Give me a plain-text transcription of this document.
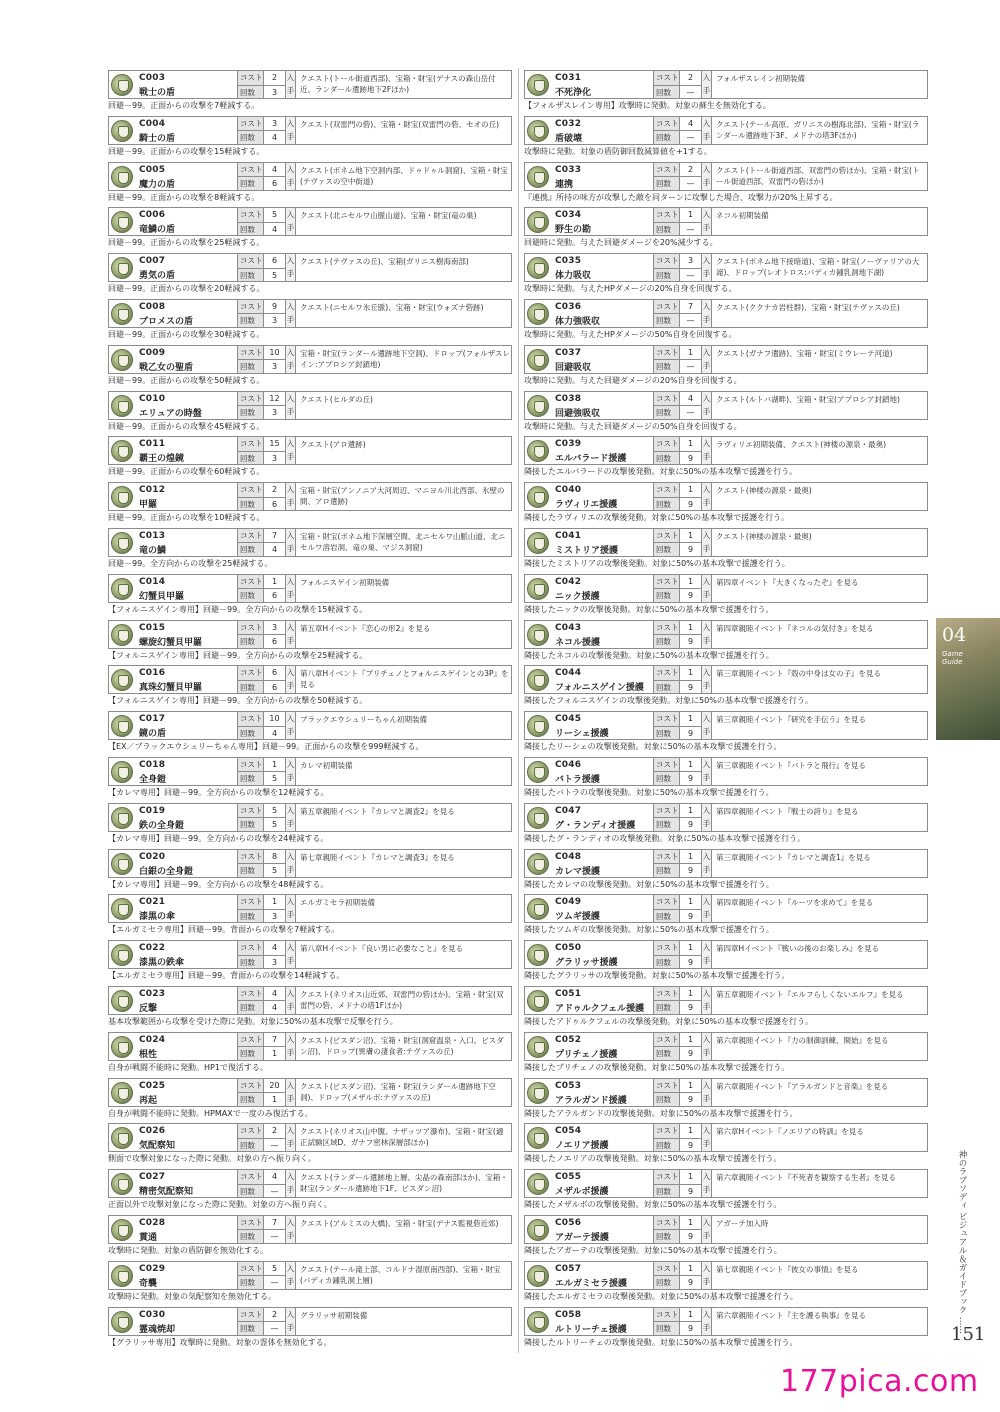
C003
戦士の盾
コスト	2
回数	3
入手
クエスト(トール街道西部)、宝箱・財宝(デナスの森山岳付近、ランダール遺跡地下2Fほか)
回避－99。正面からの攻撃を7軽減する。
C004
騎士の盾
コスト	3
回数	4
入手
クエスト(双雷門の砦)、宝箱・財宝(双雷門の砦、セオの丘)
回避－99。正面からの攻撃を15軽減する。
C005
魔力の盾
コスト	4
回数	6
入手
クエスト(ボネム地下空洞内部、ドゥドゥル洞窟)、宝箱・財宝(テヴァスの空中街道)
回避－99。正面からの攻撃を8軽減する。
C006
竜鱗の盾
コスト	5
回数	4
入手
クエスト(北ニセルワ山脈山道)、宝箱・財宝(竜の巣)
回避－99。正面からの攻撃を25軽減する。
C007
勇気の盾
コスト	6
回数	5
入手
クエスト(テヴァスの丘)、宝箱(ガリニス樹海南部)
回避－99。正面からの攻撃を20軽減する。
C008
ブロメスの盾
コスト	9
回数	3
入手
クエスト(ニセルワ氷丘脈)、宝箱・財宝(ウォズナ砦跡)
回避－99。正面からの攻撃を30軽減する。
C009
戦乙女の聖盾
コスト 10
回数	3
入手
宝箱・財宝(ランダール遺跡地下空洞)、ドロップ(フォルザスレイン:アプロシア封鎖地)
回避－99。正面からの攻撃を50軽減する。
C010
エリュアの時盤
コスト 12
回数	3
入手
クエスト(ヒルダの丘)
回避－99。正面からの攻撃を45軽減する。
C011
覇王の煌鏡
コスト 15
回数	3
入手
クエスト(アロ遺跡)
回避－99。正面からの攻撃を60軽減する。
C012
甲羅
コスト	2
回数	6
入手
宝箱・財宝(アンノニア大河周辺、マニヨル川北西部、氷壁の間、アロ遺跡)
回避－99。正面からの攻撃を10軽減する。
C013
竜の鱗
コスト	7
回数	4
入手
宝箱・財宝(ボネム地下深層空間、北ニセルワ山脈山道、北ニセルワ溶岩洞、竜の巣、マジス洞窟)
回避－99。全方向からの攻撃を25軽減する。
C014
幻蟹貝甲羅
コスト	1
回数	6
入手
フォルニスゲイン初期装備
【フォルニスゲイン専用】回避－99。全方向からの攻撃を15軽減する。
C015
螺旋幻蟹貝甲羅
コスト	3
回数	6
入手
第五章Hイベント『恋心の形2』を見る
【フォルニスゲイン専用】回避－99。全方向からの攻撃を25軽減する。
C016
真珠幻蟹貝甲羅
コスト	6
回数	6
入手
第八章Hイベント『プリチェノとフォルニスゲインとの3P』を見る
【フォルニスゲイン専用】回避－99。全方向からの攻撃を50軽減する。
C017
鏡の盾
コスト 10
回数	4
入手
ブラックエウシュリーちゃん初期装備
【EX／ブラックエウシュリーちゃん専用】回避－99。正面からの攻撃を999軽減する。
C018
全身鎧
コスト	1
回数	5
入手
カレマ初期装備
【カレマ専用】回避－99。全方向からの攻撃を12軽減する。
C019
鉄の全身鎧
コスト	5
回数	5
入手
第五章親睦イベント『カレマと調査2』を見る
【カレマ専用】回避－99。全方向からの攻撃を24軽減する。
C020
白銀の全身鎧
コスト	8
回数	5
入手
第七章親睦イベント『カレマと調査3』を見る
【カレマ専用】回避－99。全方向からの攻撃を48軽減する。
C021
漆黒の傘
コスト	1
回数	3
入手
エルガミセラ初期装備
【エルガミセラ専用】回避－99。背面からの攻撃を7軽減する。
C022
漆黒の鉄傘
コスト	4
回数	3
入手
第八章Hイベント『良い男に必要なこと』を見る
【エルガミセラ専用】回避－99。背面からの攻撃を14軽減する。
C023
反撃
コスト	4
回数	4
入手
クエスト(ネリオス山近郊、双雷門の砦ほか)、宝箱・財宝(双雷門の砦、メドナの塔1Fほか)
基本攻撃範囲から攻撃を受けた際に発動。対象に50%の基本攻撃で反撃を行う。
C024
根性
コスト	7
回数	1
入手
クエスト(ビスダン沼)、宝箱・財宝(洞窟温泉・入口、ビスダン沼)、ドロップ(異膚の淒食者:テヴァスの丘)
自身が戦闘不能時に発動。HP1で復活する。
C025
再起
コスト 20
回数	1
入手
クエスト(ビスダン沼)、宝箱・財宝(ランダール遺跡地下空洞)、ドロップ(メザルボ:テヴァスの丘)
自身が戦闘不能時に発動。HPMAXで一度のみ復活する。
C026
気配察知
コスト	2
回数	—
入手
クエスト(ネリオス山中腹、ナザッツア瀑布)、宝箱・財宝(適正試験区域D、ガナフ密林深層部ほか)
側面で攻撃対象になった際に発動。対象の方へ振り向く。
C027
精密気配察知
コスト	4
回数	—
入手
クエスト(ランダール遺跡地上層、尖晶の森南部ほか)、宝箱・財宝(ランダール遺跡地下1F、ビスダン沼)
正面以外で攻撃対象になった際に発動。対象の方へ振り向く。
C028
貫通
コスト	7
回数	—
入手
クエスト(アルミスの大橋)、宝箱・財宝(デナス監視砦近郊)
攻撃時に発動。対象の盾防御を無効化する。
C029
奇襲
コスト	5
回数	—
入手
クエスト(テール滝上部、コルドナ湿原南西部)、宝箱・財宝(バディカ鍾乳洞上層)
攻撃時に発動。対象の気配察知を無効化する。
C030
霊魂焼却
コスト	2
回数	—
入手
グラリッサ初期装備
【グラリッサ専用】攻撃時に発動。対象の霊体を無効化する。
C031
不死浄化
コスト	2
回数	—
入手
フォルザスレイン初期装備
【フォルザスレイン専用】攻撃時に発動。対象の蘇生を無効化する。
C032
盾破壊
コスト	4
回数	—
入手
クエスト(テール高原、ガリニスの樹海北部)、宝箱・財宝(ランダール遺跡地下3F、メドナの塔3Fほか)
攻撃時に発動。対象の盾防御回数減算値を+1する。
C033
連携
コスト	2
回数	—
入手
クエスト(トール街道西部、双雷門の砦ほか)、宝箱・財宝(トール街道西部、双雷門の砦ほか)
『連携』所持の味方が攻撃した敵を同ターンに攻撃した場合、攻撃力が20%上昇する。
C034
野生の勘
コスト	1
回数	—
入手
ネコル初期装備
回避時に発動。与えた回避ダメージを20%減少する。
C035
体力吸収
コスト	3
回数	—
入手
クエスト(ボネム地下接暗道)、宝箱・財宝(ノーヴァリアの大滝)、ドロップ(レオトロス:バディカ鍾乳洞地下湖)
攻撃時に発動。与えたHPダメージの20%自身を回復する。
C036
体力強吸収
コスト	7
回数	—
入手
クエスト(ククナカ岩柱群)、宝箱・財宝(テヴァスの丘)
攻撃時に発動。与えたHPダメージの50%自身を回復する。
C037
回避吸収
コスト	1
回数	—
入手
クエスト(ガナフ遺跡)、宝箱・財宝(ミウレーテ河道)
攻撃時に発動。与えた回避ダメージの20%自身を回復する。
C038
回避強吸収
コスト	4
回数	—
入手
クエスト(ルトバ湖畔)、宝箱・財宝(アプロシア封鎖地)
攻撃時に発動。与えた回避ダメージの50%自身を回復する。
C039
エルバラード援護
コスト	1
回数	9
入手
ラヴィリエ初期装備、クエスト(神楼の源泉・最奥)
隣接したエルバラードの攻撃後発動。対象に50%の基本攻撃で援護を行う。
C040
ラヴィリエ援護
コスト	1
回数	9
入手
クエスト(神楼の源泉・最奥)
隣接したラヴィリエの攻撃後発動。対象に50%の基本攻撃で援護を行う。
C041
ミストリア援護
コスト	1
回数	9
入手
クエスト(神楼の源泉・最奥)
隣接したミストリアの攻撃後発動。対象に50%の基本攻撃で援護を行う。
C042
ニック援護
コスト	1
回数	9
入手
第四章イベント『大きくなったぞ』を見る
隣接したニックの攻撃後発動。対象に50%の基本攻撃で援護を行う。
C043
ネコル援護
コスト	1
回数	9
入手
第四章親睦イベント『ネコルの気付き』を見る
隣接したネコルの攻撃後発動。対象に50%の基本攻撃で援護を行う。
C044
フォルニスゲイン援護
コスト	1
回数	9
入手
第三章親睦イベント『殻の中身は女の子』を見る
隣接したフォルニスゲインの攻撃後発動。対象に50%の基本攻撃で援護を行う。
C045
リーシェ援護
コスト	1
回数	9
入手
第三章親睦イベント『研究を手伝う』を見る
隣接したリーシェの攻撃後発動。対象に50%の基本攻撃で援護を行う。
C046
バトラ援護
コスト	1
回数	9
入手
第三章親睦イベント『バトラと飛行』を見る
隣接したバトラの攻撃後発動。対象に50%の基本攻撃で援護を行う。
C047
グ・ランディオ援護
コスト	1
回数	9
入手
第四章親睦イベント『戦士の誇り』を見る
隣接したグ・ランディオの攻撃後発動。対象に50%の基本攻撃で援護を行う。
C048
カレマ援護
コスト	1
回数	9
入手
第三章親睦イベント『カレマと調査1』を見る
隣接したカレマの攻撃後発動。対象に50%の基本攻撃で援護を行う。
C049
ツムギ援護
コスト	1
回数	9
入手
第四章親睦イベント『ルーツを求めて』を見る
隣接したツムギの攻撃後発動。対象に50%の基本攻撃で援護を行う。
C050
グラリッサ援護
コスト	1
回数	9
入手
第四章Hイベント『戦いの後のお楽しみ』を見る
隣接したグラリッサの攻撃後発動。対象に50%の基本攻撃で援護を行う。
C051
アドゥルクフェル援護
コスト	1
回数	9
入手
第五章親睦イベント『エルフらしくないエルフ』を見る
隣接したアドゥルクフェルの攻撃後発動。対象に50%の基本攻撃で援護を行う。
C052
プリチェノ援護
コスト	1
回数	9
入手
第六章親睦イベント『力の制御訓練、開始』を見る
隣接したプリチェノの攻撃後発動。対象に50%の基本攻撃で援護を行う。
C053
アラルガンド援護
コスト	1
回数	9
入手
第六章親睦イベント『アラルガンドと音楽』を見る
隣接したアラルガンドの攻撃後発動。対象に50%の基本攻撃で援護を行う。
C054
ノエリア援護
コスト	1
回数	9
入手
第六章Hイベント『ノエリアの特訓』を見る
隣接したノエリアの攻撃後発動。対象に50%の基本攻撃で援護を行う。
C055
メザルボ援護
コスト	1
回数	9
入手
第六章親睦イベント『不死者を観察する生者』を見る
隣接したメザルボの攻撃後発動。対象に50%の基本攻撃で援護を行う。
C056
アガーテ援護
コスト	1
回数	9
入手
アガーテ加入時
隣接したアガーテの攻撃後発動。対象に50%の基本攻撃で援護を行う。
C057
エルガミセラ援護
コスト	1
回数	9
入手
第七章親睦イベント『彼女の事情』を見る
隣接したエルガミセラの攻撃後発動。対象に50%の基本攻撃で援護を行う。
C058
ルトリーチェ援護
コスト	1
回数	9
入手
第六章親睦イベント『主を護る執事』を見る
隣接したルトリーチェの攻撃後発動。対象に50%の基本攻撃で援護を行う。
04
Game
Guide
神のラプソディ ビジュアル＆ガイドブック ……
151
177pica.com
